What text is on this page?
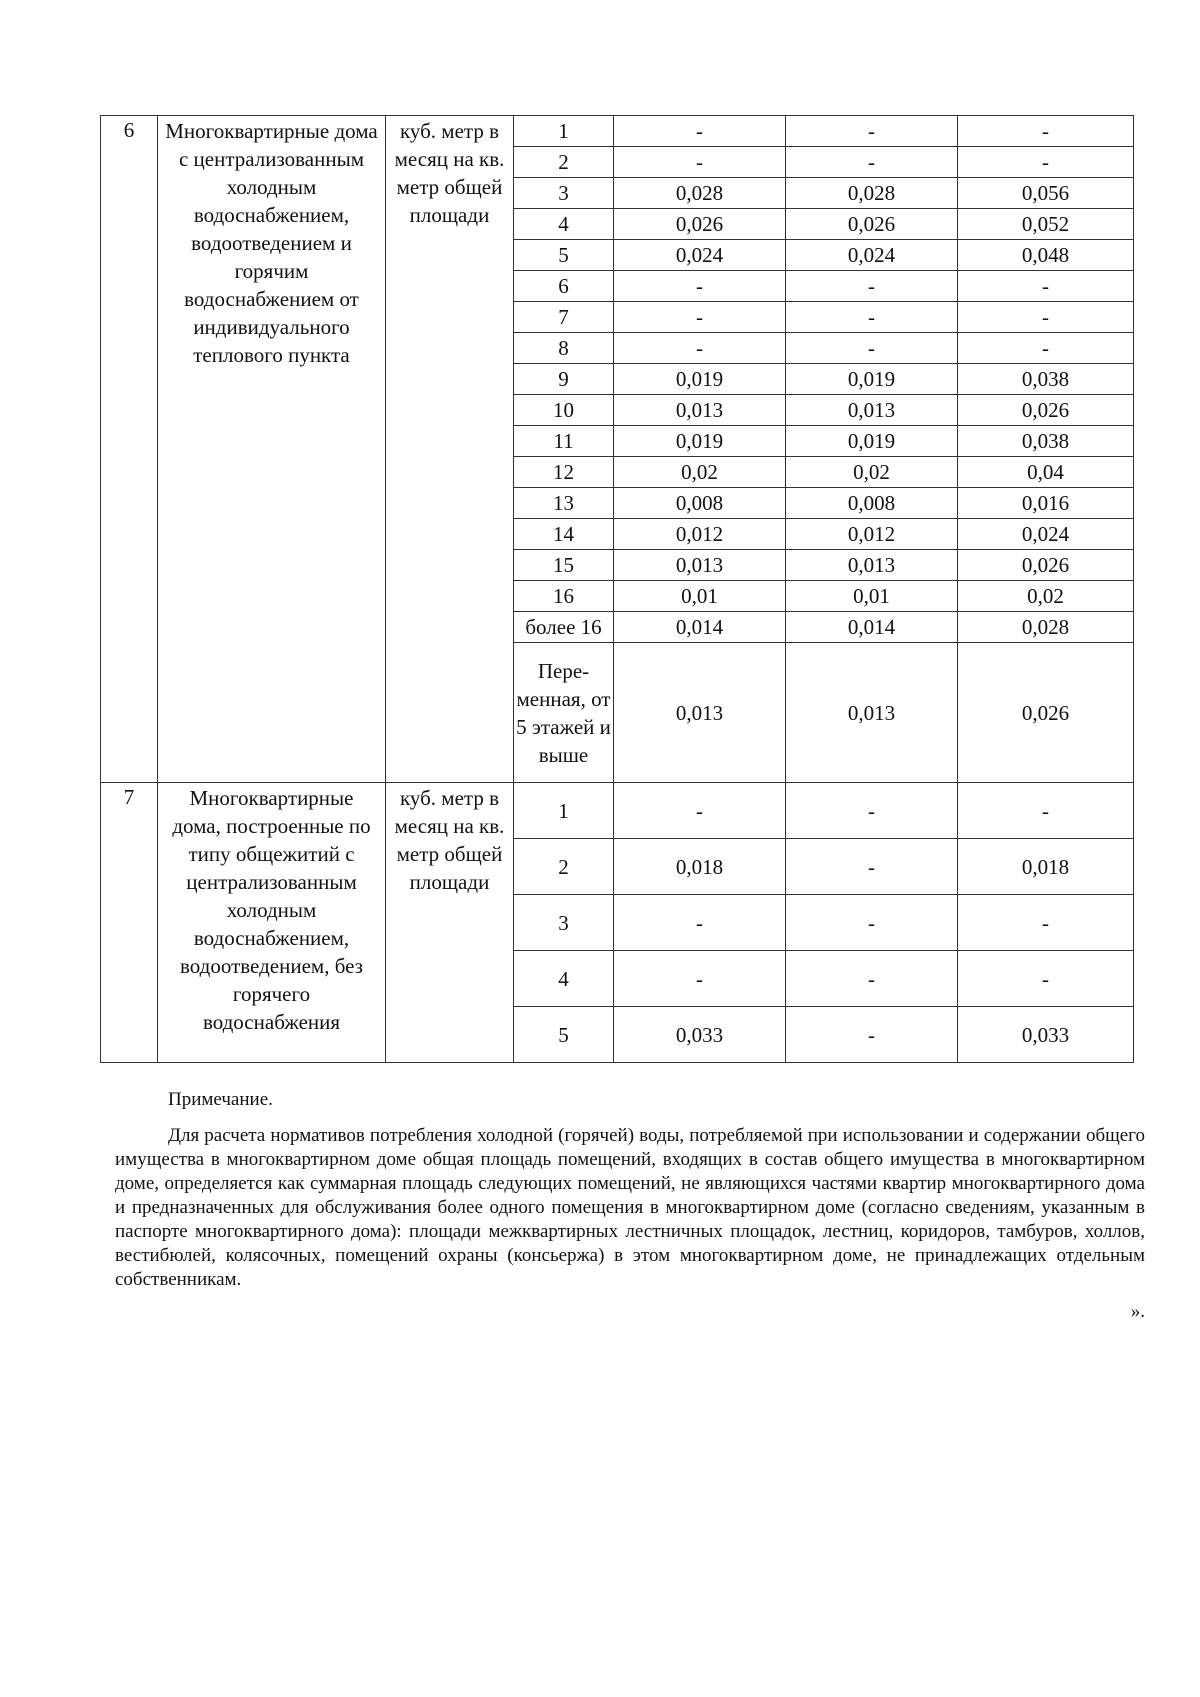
6	Многоквартирные дома с централизованным холодным водоснабжением, водоотведением и горячим водоснабжением от индивидуального теплового пункта	куб. метр в месяц на кв. метр общей площади	1	-	-	-
			2	-	-	-
			3	0,028	0,028	0,056
			4	0,026	0,026	0,052
			5	0,024	0,024	0,048
			6	-	-	-
			7	-	-	-
			8	-	-	-
			9	0,019	0,019	0,038
			10	0,013	0,013	0,026
			11	0,019	0,019	0,038
			12	0,02	0,02	0,04
			13	0,008	0,008	0,016
			14	0,012	0,012	0,024
			15	0,013	0,013	0,026
			16	0,01	0,01	0,02
			более 16	0,014	0,014	0,028
			Пере-менная, от 5 этажей и выше	0,013	0,013	0,026
7	Многоквартирные дома, построенные по типу общежитий с централизованным холодным водоснабжением, водоотведением, без горячего водоснабжения	куб. метр в месяц на кв. метр общей площади	1	-	-	-
			2	0,018	-	0,018
			3	-	-	-
			4	-	-	-
			5	0,033	-	0,033

Примечание.

Для расчета нормативов потребления холодной (горячей) воды, потребляемой при использовании и содержании общего имущества в многоквартирном доме общая площадь помещений, входящих в состав общего имущества в многоквартирном доме, определяется как суммарная площадь следующих помещений, не являющихся частями квартир многоквартирного дома и предназначенных для обслуживания более одного помещения в многоквартирном доме (согласно сведениям, указанным в паспорте многоквартирного дома): площади межквартирных лестничных площадок, лестниц, коридоров, тамбуров, холлов, вестибюлей, колясочных, помещений охраны (консьержа) в этом многоквартирном доме, не принадлежащих отдельным собственникам.

».
